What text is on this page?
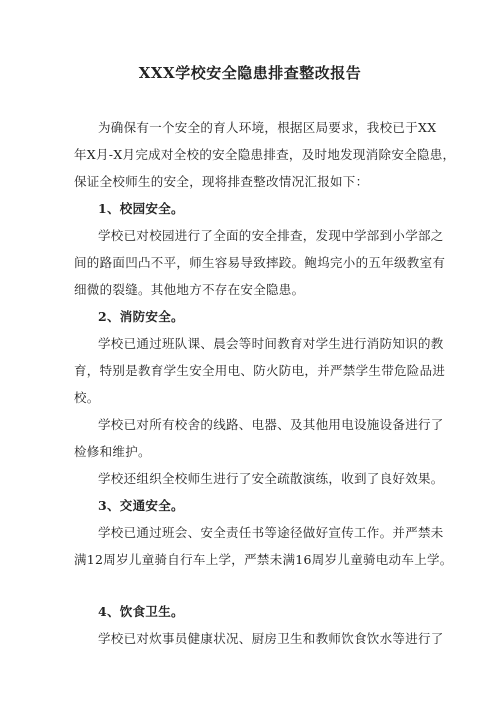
XXX学校安全隐患排查整改报告
为确保有一个安全的育人环境，根据区局要求，我校已于XX
年X月-X月完成对全校的安全隐患排查，及时地发现消除安全隐患，
保证全校师生的安全，现将排查整改情况汇报如下：
1、校园安全。
学校已对校园进行了全面的安全排查，发现中学部到小学部之
间的路面凹凸不平，师生容易导致摔跤。鲍坞完小的五年级教室有
细微的裂缝。其他地方不存在安全隐患。
2、消防安全。
学校已通过班队课、晨会等时间教育对学生进行消防知识的教
育，特别是教育学生安全用电、防火防电，并严禁学生带危险品进
校。
学校已对所有校舍的线路、电器、及其他用电设施设备进行了
检修和维护。
学校还组织全校师生进行了安全疏散演练，收到了良好效果。
3、交通安全。
学校已通过班会、安全责任书等途径做好宣传工作。并严禁未
满12周岁儿童骑自行车上学，严禁未满16周岁儿童骑电动车上学。
4、饮食卫生。
学校已对炊事员健康状况、厨房卫生和教师饮食饮水等进行了
